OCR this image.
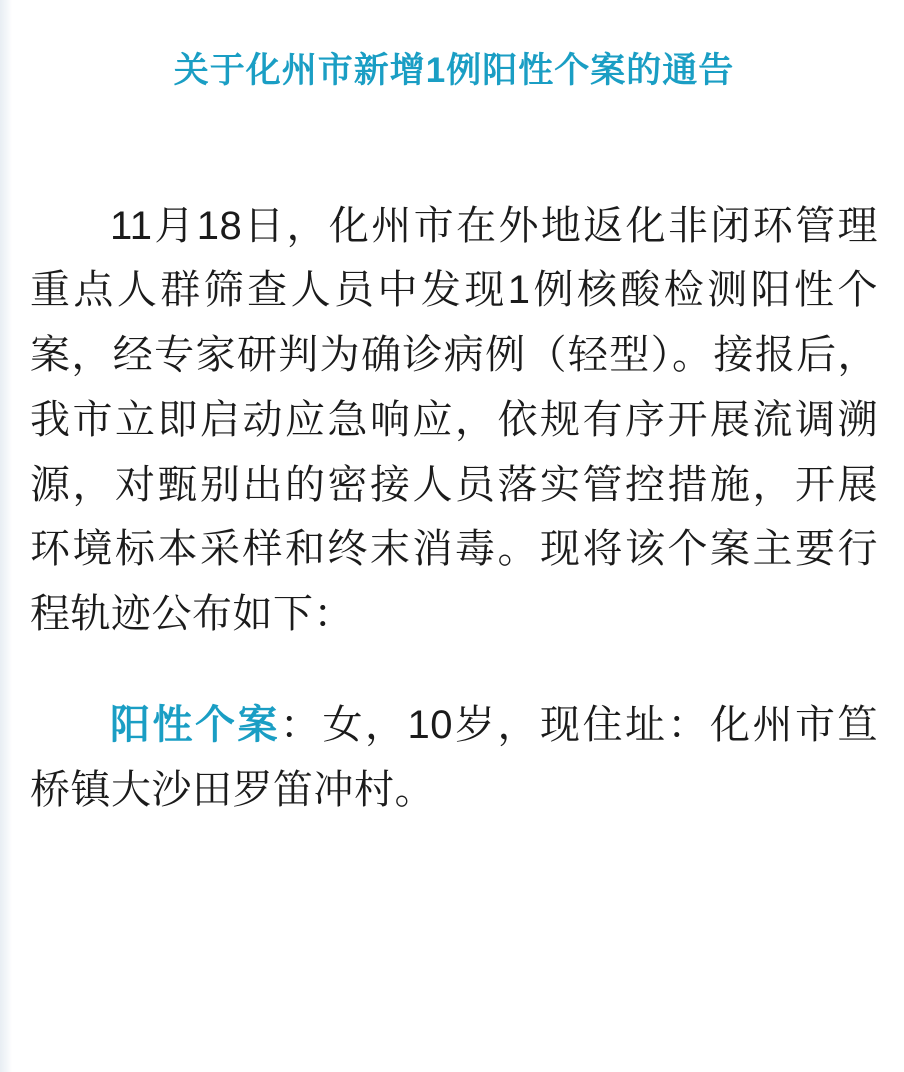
关于化州市新增1例阳性个案的通告

11月18日，化州市在外地返化非闭环管理重点人群筛查人员中发现1例核酸检测阳性个案，经专家研判为确诊病例（轻型）。接报后，我市立即启动应急响应，依规有序开展流调溯源，对甄别出的密接人员落实管控措施，开展环境标本采样和终末消毒。现将该个案主要行程轨迹公布如下：

阳性个案：女，10岁，现住址：化州市笪桥镇大沙田罗笛冲村。
